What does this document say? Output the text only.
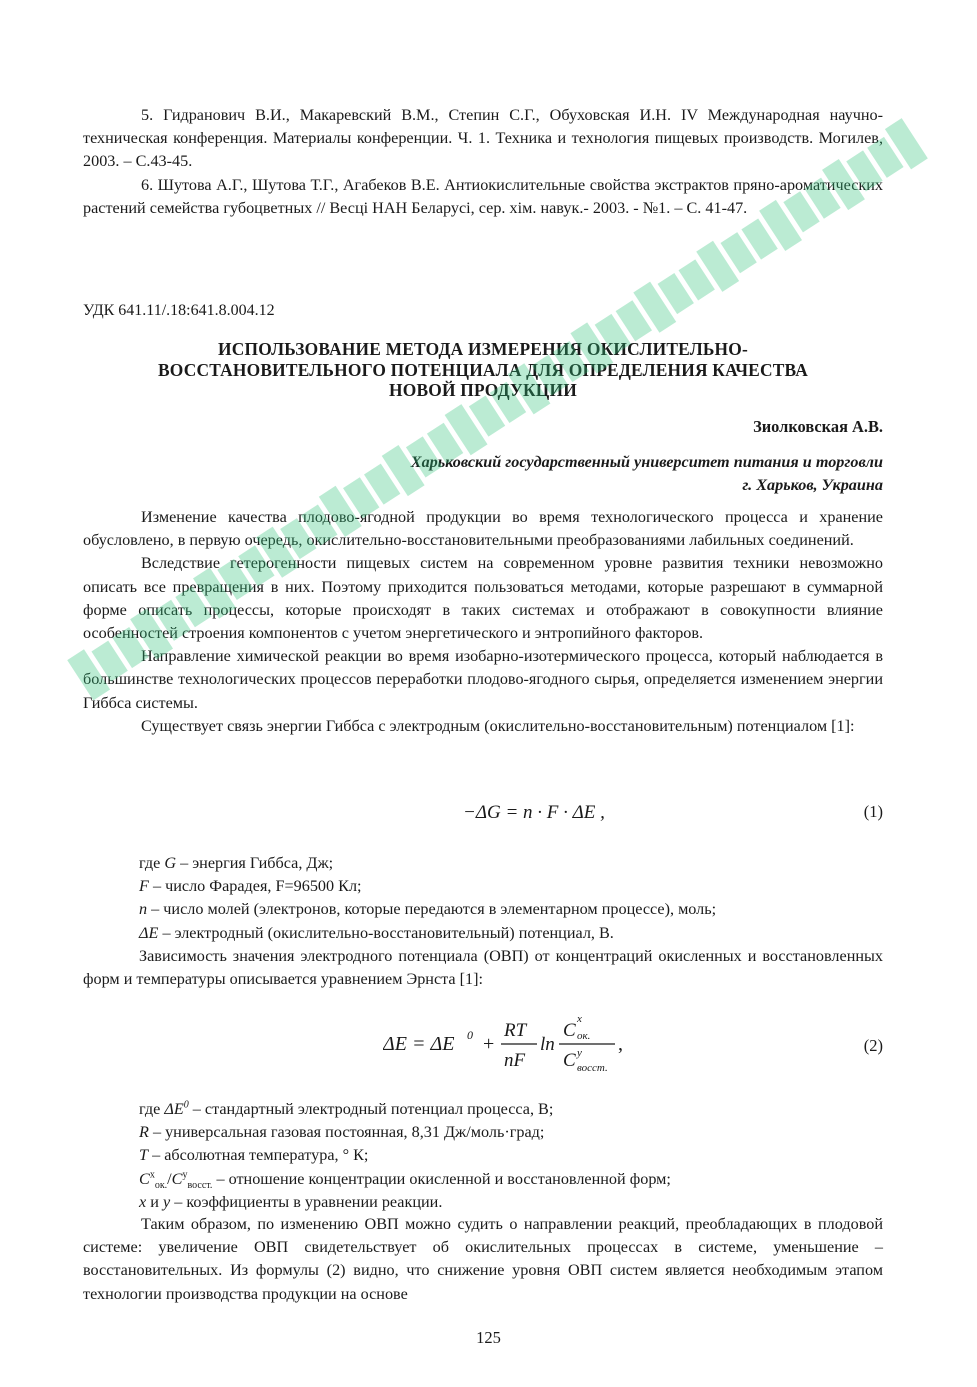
5. Гидранович В.И., Макаревский В.М., Степин С.Г., Обуховская И.Н. IV Международная научно-техническая конференция. Материалы конференции. Ч. 1. Техника и технология пищевых производств. Могилев, 2003. – С.43-45.

6. Шутова А.Г., Шутова Т.Г., Агабеков В.Е. Антиокислительные свойства экстрактов пряно-ароматических растений семейства губоцветных // Весці НАН Беларусі, сер. хім. навук.- 2003. - №1. – С. 41-47.

УДК 641.11/.18:641.8.004.12
ИСПОЛЬЗОВАНИЕ МЕТОДА ИЗМЕРЕНИЯ ОКИСЛИТЕЛЬНО-
ВОССТАНОВИТЕЛЬНОГО ПОТЕНЦИАЛА ДЛЯ ОПРЕДЕЛЕНИЯ КАЧЕСТВА
НОВОЙ ПРОДУКЦИИ
Зиолковская А.В.
Харьковский государственный университет питания и торговли
г. Харьков, Украина

Изменение качества плодово-ягодной продукции во время технологического процесса и хранение обусловлено, в первую очередь, окислительно-восстановительными преобразованиями лабильных соединений.

Вследствие гетерогенности пищевых систем на современном уровне развития техники невозможно описать все превращения в них. Поэтому приходится пользоваться методами, которые разрешают в суммарной форме описать процессы, которые происходят в таких системах и отображают в совокупности влияние особенностей строения компонентов с учетом энергетического и энтропийного факторов.

Направление химической реакции во время изобарно-изотермического процесса, который наблюдается в большинстве технологических процессов переработки плодово-ягодного сырья, определяется изменением энергии Гиббса системы.

Существует связь энергии Гиббса с электродным (окислительно-восстановительным) потенциалом [1]:

−ΔG = n · F · ΔE ,	(1)

где G – энергия Гиббса, Дж;

F – число Фарадея, F=96500 Кл;

n – число молей (электронов, которые передаются в элементарном процессе), моль;

ΔE – электродный (окислительно-восстановительный) потенциал, В.

Зависимость значения электродного потенциала (ОВП) от концентраций окисленных и восстановленных форм и температуры описывается уравнением Эрнста [1]:

ΔE = ΔE 0 +
RT
nF
ln
C
x
ок.
C y
восст.
,	(2)

где $\Delta E^0$ – стандартный электродный потенциал процесса, В;

R – универсальная газовая постоянная, 8,31 Дж/моль·град;

T – абсолютная температура, ° К;

$C^x_{ок.}/C^y_{восст.}$ – отношение концентрации окисленной и восстановленной форм;

x и y – коэффициенты в уравнении реакции.

Таким образом, по изменению ОВП можно судить о направлении реакций, преобладающих в плодовой системе: увеличение ОВП свидетельствует об окислительных процессах в системе, уменьшение – восстановительных. Из формулы (2) видно, что снижение уровня ОВП систем является необходимым этапом технологии производства продукции на основе

125
